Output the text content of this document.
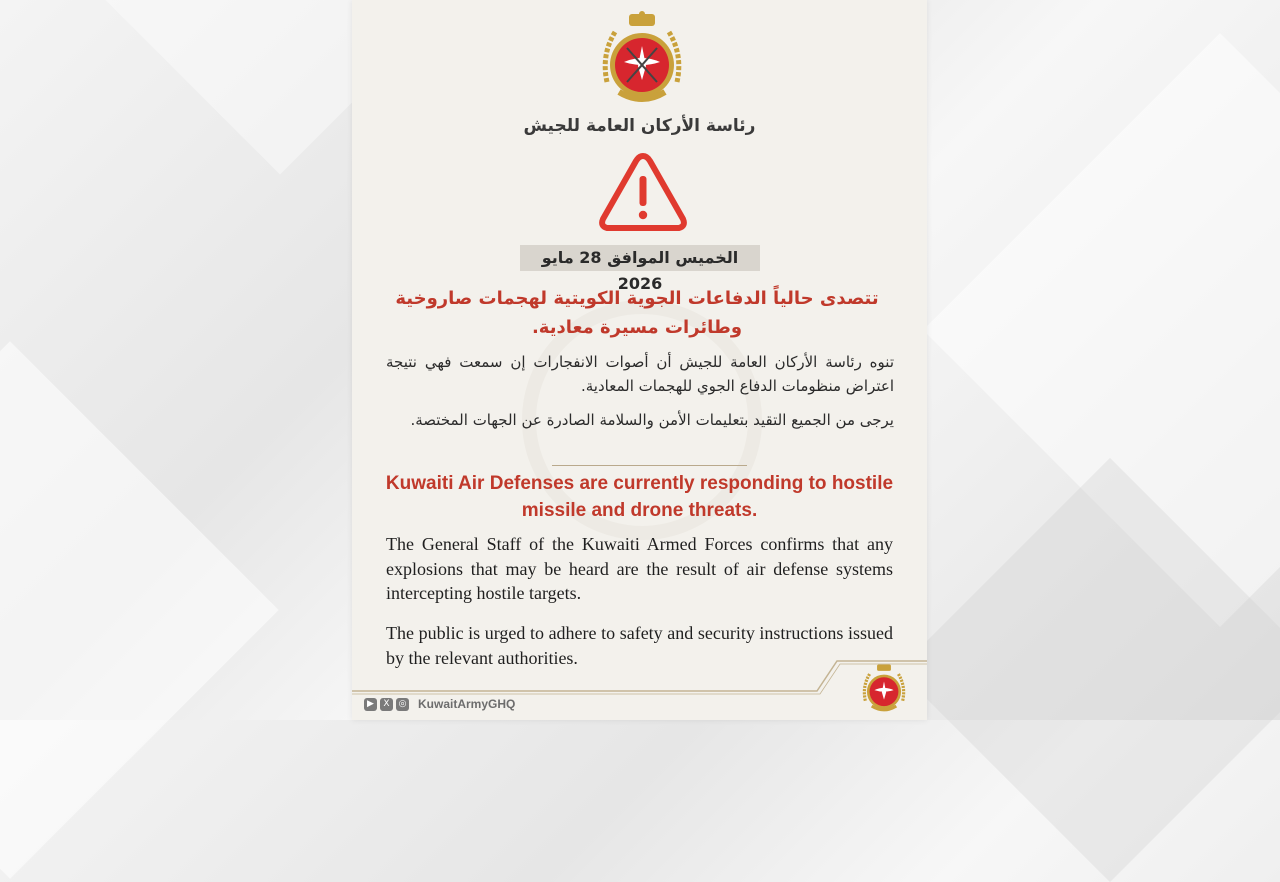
رئاسة الأركان العامة للجيش
الخميس الموافق 28 مايو 2026
تتصدى حالياً الدفاعات الجوية الكويتية لهجمات صاروخية وطائرات مسيرة معادية.
تنوه رئاسة الأركان العامة للجيش أن أصوات الانفجارات إن سمعت فهي نتيجة اعتراض منظومات الدفاع الجوي للهجمات المعادية.
يرجى من الجميع التقيد بتعليمات الأمن والسلامة الصادرة عن الجهات المختصة.
Kuwaiti Air Defenses are currently responding to hostile missile and drone threats.
The General Staff of the Kuwaiti Armed Forces confirms that any explosions that may be heard are the result of air defense systems intercepting hostile targets.
The public is urged to adhere to safety and security instructions issued by the relevant authorities.
▶	X ◎ KuwaitArmyGHQ
